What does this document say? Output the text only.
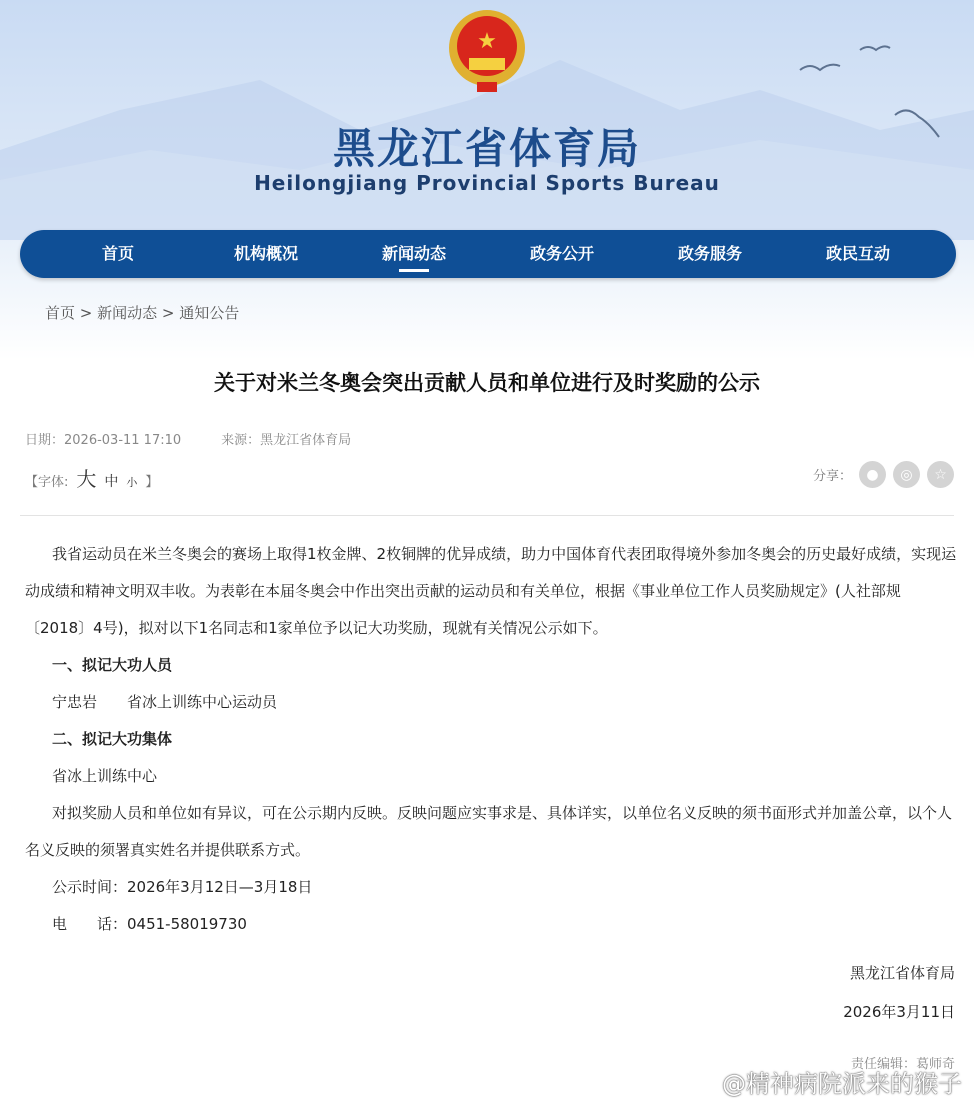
★
黑龙江省体育局
Heilongjiang Provincial Sports Bureau
首页	机构概况	新闻动态	政务公开	政务服务	政民互动
首页 > 新闻动态 > 通知公告
关于对米兰冬奥会突出贡献人员和单位进行及时奖励的公示
日期：2026-03-11 17:10	来源：黑龙江省体育局
【字体: 大 中 小 】	分享：	●	◎	☆

我省运动员在米兰冬奥会的赛场上取得1枚金牌、2枚铜牌的优异成绩，助力中国体育代表团取得境外参加冬奥会的历史最好成绩，实现运动成绩和精神文明双丰收。为表彰在本届冬奥会中作出突出贡献的运动员和有关单位，根据《事业单位工作人员奖励规定》(人社部规〔2018〕4号)，拟对以下1名同志和1家单位予以记大功奖励，现就有关情况公示如下。

一、拟记大功人员

宁忠岩　　省冰上训练中心运动员

二、拟记大功集体

省冰上训练中心

对拟奖励人员和单位如有异议，可在公示期内反映。反映问题应实事求是、具体详实，以单位名义反映的须书面形式并加盖公章，以个人名义反映的须署真实姓名并提供联系方式。

公示时间：2026年3月12日—3月18日

电　　话：0451-58019730

黑龙江省体育局
2026年3月11日
责任编辑：葛师奇
@精神病院派来的猴子
